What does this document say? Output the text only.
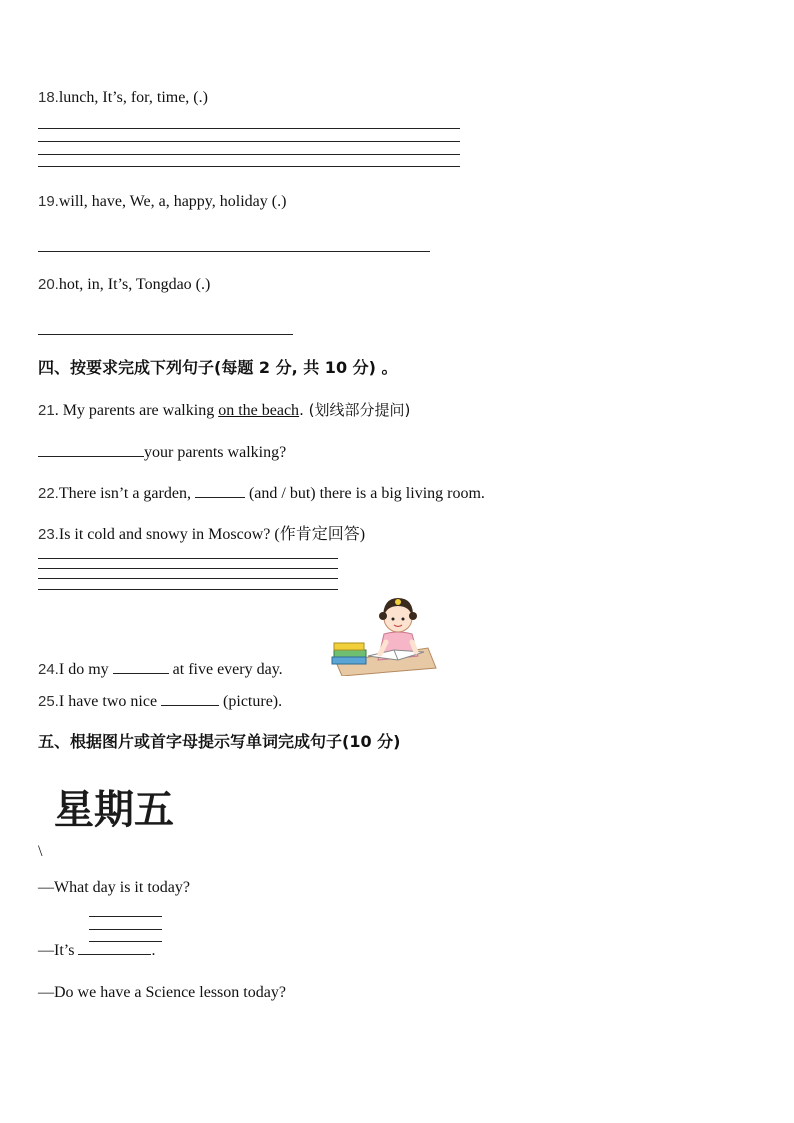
18.lunch, It’s, for, time, (.)
19.will, have, We, a, happy, holiday (.)
20.hot, in, It’s, Tongdao (.)
四、按要求完成下列句子(每题 2 分, 共 10 分) 。
21. My parents are walking on the beach. (划线部分提问)
your parents walking?
22.There isn’t a garden,	(and / but) there is a big living room.
23.Is it cold and snowy in Moscow? (作肯定回答)
24.I do my	at five every day.
25.I have two nice	(picture).
五、根据图片或首字母提示写单词完成句子(10 分)
星期五
\
—What day is it today?
—It’s	.
—Do we have a Science lesson today?
